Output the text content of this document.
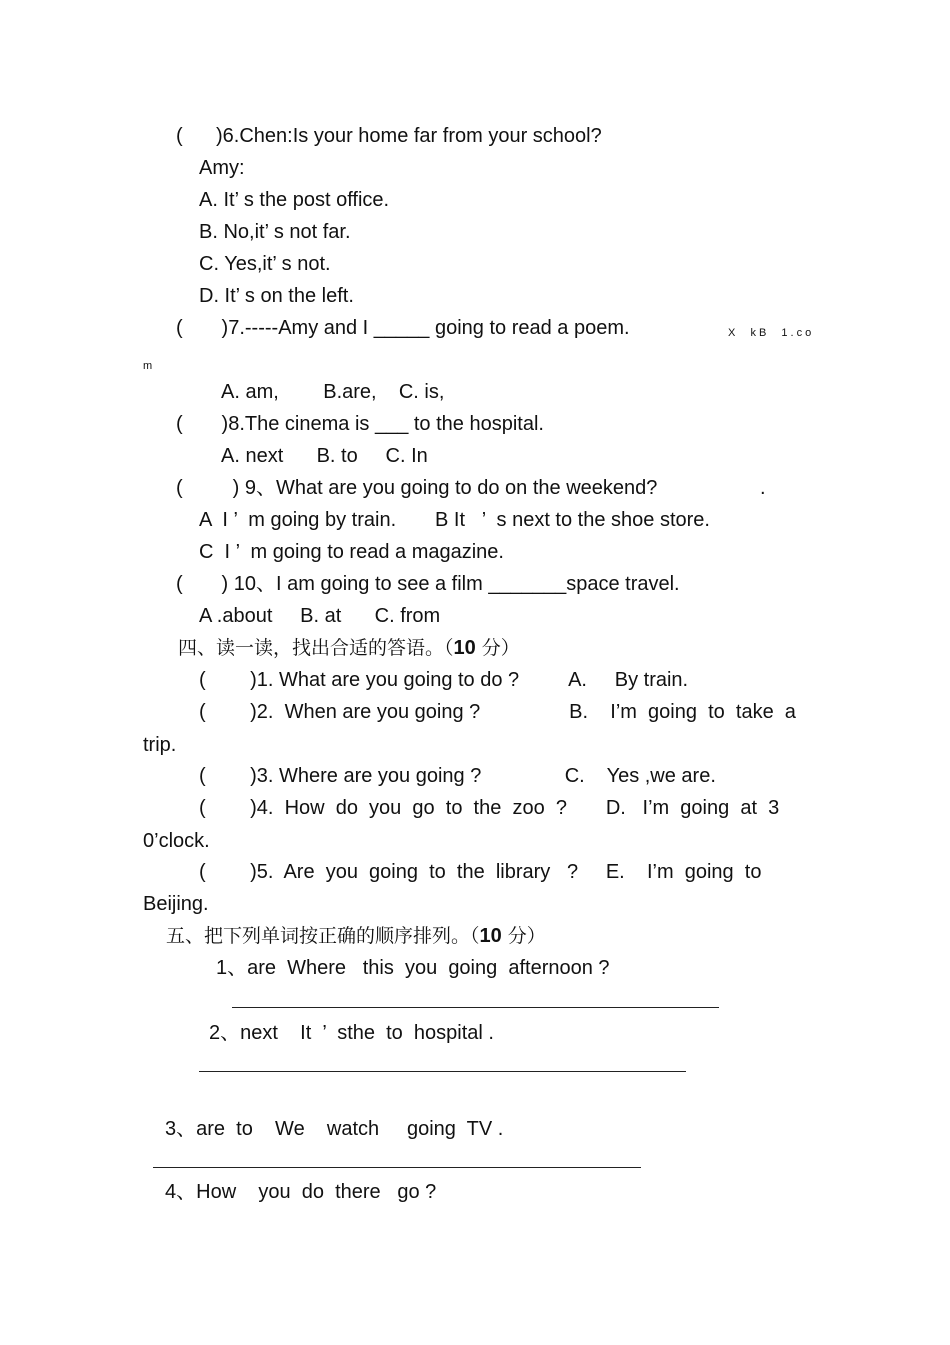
(      )6.Chen:Is your home far from your school?
Amy:
A. It’ s the post office.
B. No,it’ s not far.
C. Yes,it’ s not.
D. It’ s on the left.
(       )7.-----Amy and I _____ going to read a poem.	X  kB  1.co
m
A. am,        B.are,    C. is,
(       )8.The cinema is ___ to the hospital.
A. next      B. to     C. In
(         ) 9、What are you going to do on the weekend?	.
A  I ’  m going by train.       B It   ’  s next to the shoe store.
C  I ’  m going to read a magazine.
(       ) 10、I am going to see a film _______space travel.
A .about     B. at      C. from
四、读一读，找出合适的答语。（10 分）
(        )1. What are you going to do ?         A.     By train.
(        )2.  When are you going ?                B.    I’m  going  to  take  a
trip.
(        )3. Where are you going ?               C.    Yes ,we are.
(        )4.  How  do  you  go  to  the  zoo  ?       D.   I’m  going  at  3
0’clock.
(        )5.  Are  you  going  to  the  library   ?     E.    I’m  going  to
Beijing.
五、把下列单词按正确的顺序排列。（10 分）
1、are  Where   this  you  going  afternoon ?
2、next    It  ’  sthe  to  hospital .
3、are  to    We    watch     going  TV .
4、How    you  do  there   go ?
